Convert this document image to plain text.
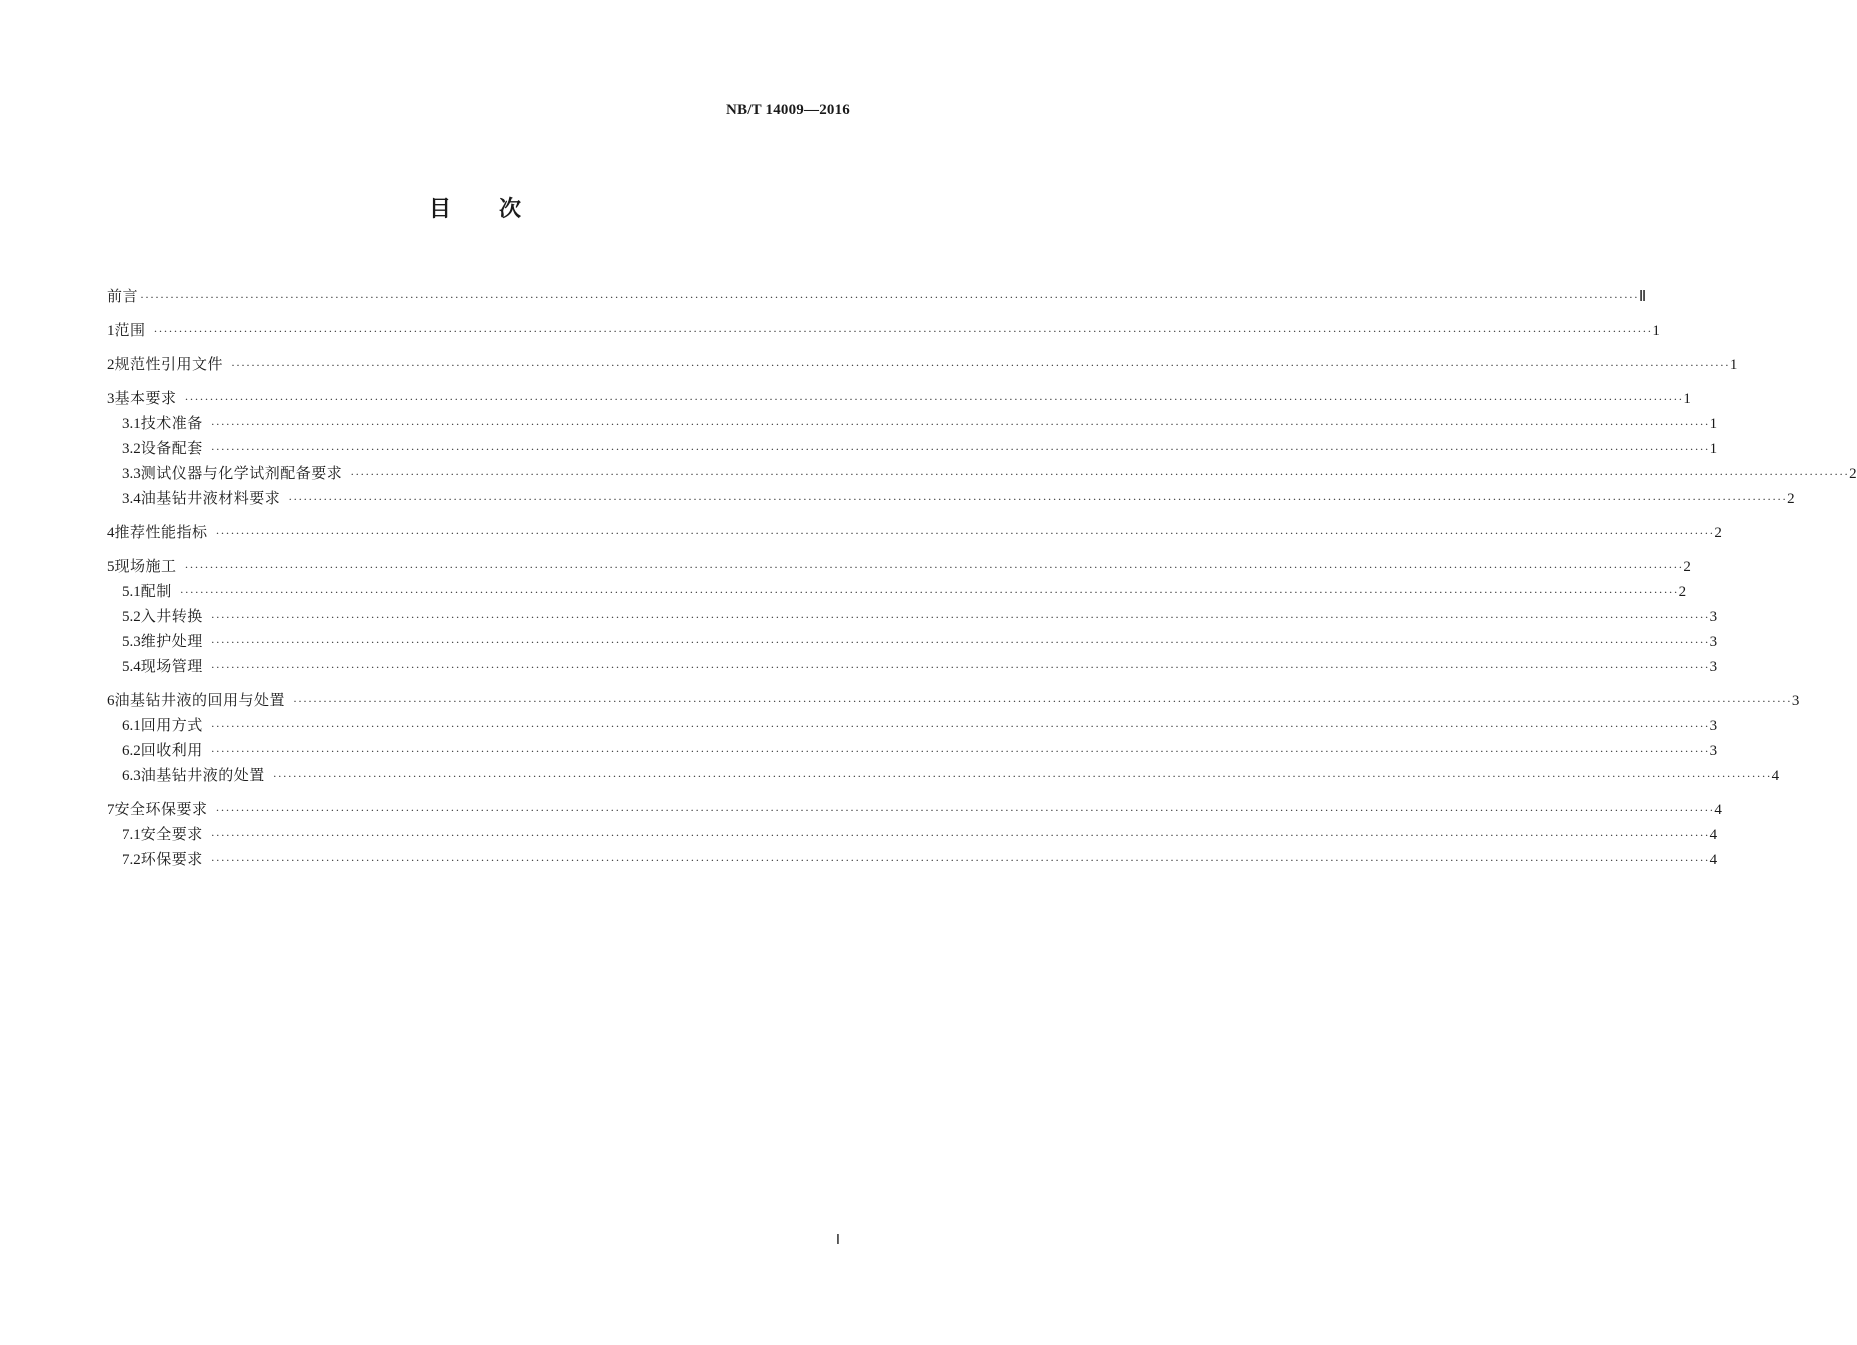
NB/T 14009—2016
目次
前言 ············································································································································································································································································································ Ⅱ
1 范围 ············································································································································································································································································································ 1
2 规范性引用文件 ············································································································································································································································································································ 1
3 基本要求 ············································································································································································································································································································ 1
3.1 技术准备 ············································································································································································································································································································ 1
3.2 设备配套 ············································································································································································································································································································ 1
3.3 测试仪器与化学试剂配备要求 ············································································································································································································································································································ 2
3.4 油基钻井液材料要求 ············································································································································································································································································································ 2
4 推荐性能指标 ············································································································································································································································································································ 2
5 现场施工 ············································································································································································································································································································ 2
5.1 配制 ············································································································································································································································································································ 2
5.2 入井转换 ············································································································································································································································································································ 3
5.3 维护处理 ············································································································································································································································································································ 3
5.4 现场管理 ············································································································································································································································································································ 3
6 油基钻井液的回用与处置 ············································································································································································································································································································ 3
6.1 回用方式 ············································································································································································································································································································ 3
6.2 回收利用 ············································································································································································································································································································ 3
6.3 油基钻井液的处置 ············································································································································································································································································································ 4
7 安全环保要求 ············································································································································································································································································································ 4
7.1 安全要求 ············································································································································································································································································································ 4
7.2 环保要求 ············································································································································································································································································································ 4
Ⅰ
